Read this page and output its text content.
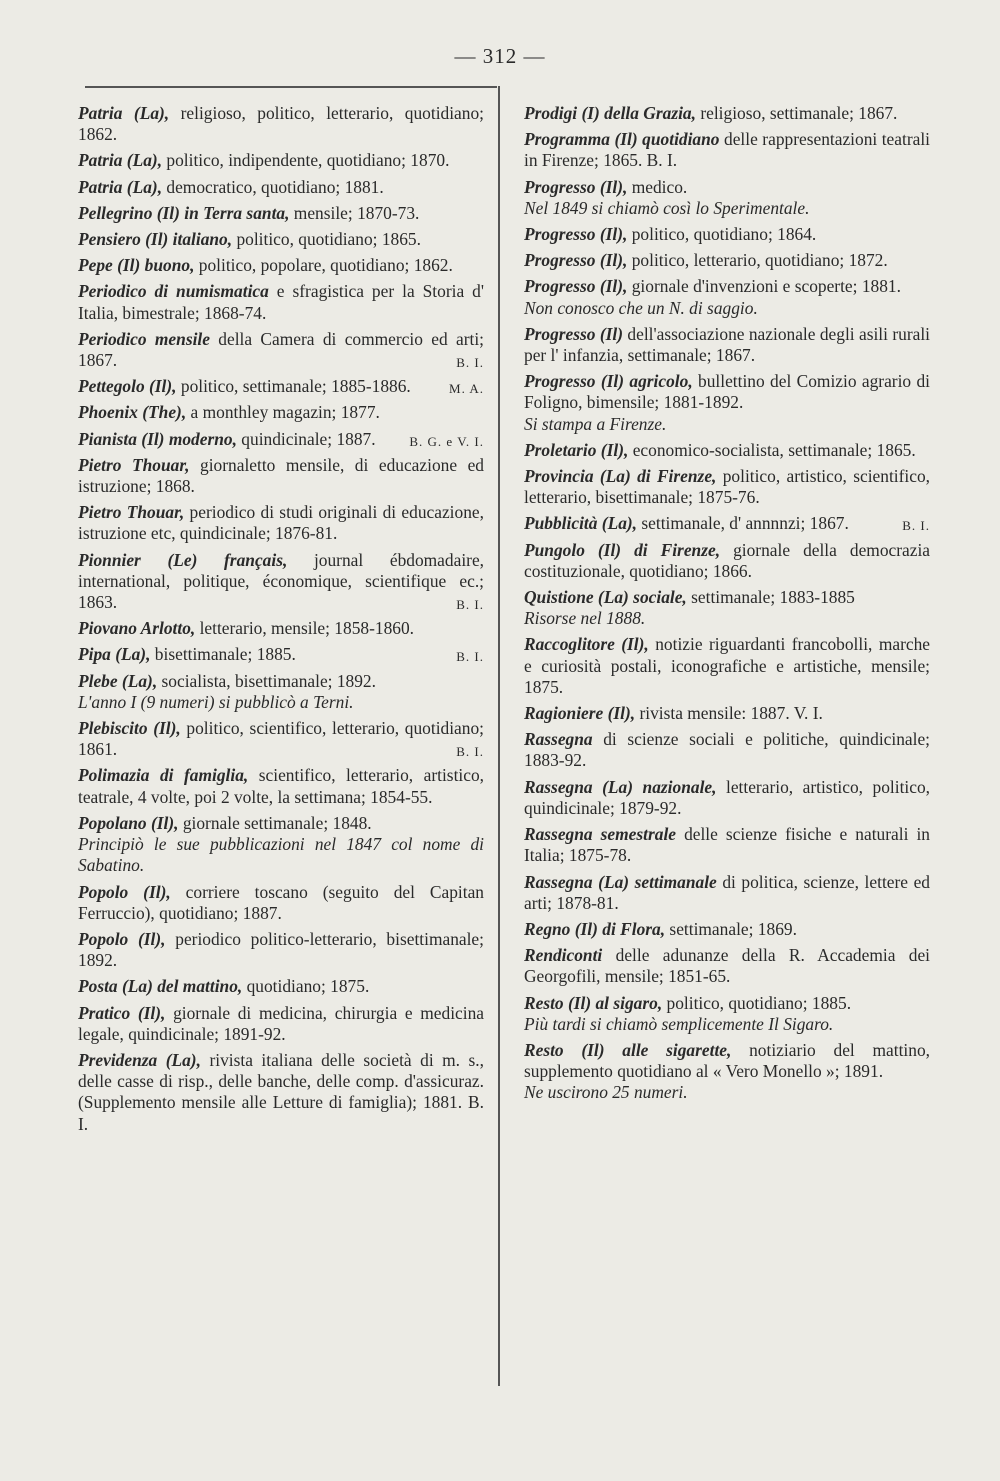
— 312 —
Patria (La), religioso, politico, letterario, quotidiano; 1862.
Patria (La), politico, indipendente, quotidiano; 1870.
Patria (La), democratico, quotidiano; 1881.
Pellegrino (Il) in Terra santa, mensile; 1870-73.
Pensiero (Il) italiano, politico, quotidiano; 1865.
Pepe (Il) buono, politico, popolare, quotidiano; 1862.
Periodico di numismatica e sfragistica per la Storia d' Italia, bimestrale; 1868-74.
Periodico mensile della Camera di commercio ed arti; 1867.	B. I.
Pettegolo (Il), politico, settimanale; 1885-1886.	M. A.
Phoenix (The), a monthley magazin; 1877.
Pianista (Il) moderno, quindicinale; 1887.	B. G. e V. I.
Pietro Thouar, giornaletto mensile, di educazione ed istruzione; 1868.
Pietro Thouar, periodico di studi originali di educazione, istruzione etc, quindicinale; 1876-81.
Pionnier (Le) français, journal ébdomadaire, international, politique, économique, scientifique ec.; 1863.	B. I.
Piovano Arlotto, letterario, mensile; 1858-1860.
Pipa (La), bisettimanale; 1885.	B. I.
Plebe (La), socialista, bisettimanale; 1892.
L'anno I (9 numeri) si pubblicò a Terni.
Plebiscito (Il), politico, scientifico, letterario, quotidiano; 1861.	B. I.
Polimazia di famiglia, scientifico, letterario, artistico, teatrale, 4 volte, poi 2 volte, la settimana; 1854-55.
Popolano (Il), giornale settimanale; 1848.
Principiò le sue pubblicazioni nel 1847 col nome di Sabatino.
Popolo (Il), corriere toscano (seguito del Capitan Ferruccio), quotidiano; 1887.
Popolo (Il), periodico politico-letterario, bisettimanale; 1892.
Posta (La) del mattino, quotidiano; 1875.
Pratico (Il), giornale di medicina, chirurgia e medicina legale, quindicinale; 1891-92.
Previdenza (La), rivista italiana delle società di m. s., delle casse di risp., delle banche, delle comp. d'assicuraz. (Supplemento mensile alle Letture di famiglia); 1881. B. I.
Prodigi (I) della Grazia, religioso, settimanale; 1867.
Programma (Il) quotidiano delle rappresentazioni teatrali in Firenze; 1865. B. I.
Progresso (Il), medico.
Nel 1849 si chiamò così lo Sperimentale.
Progresso (Il), politico, quotidiano; 1864.
Progresso (Il), politico, letterario, quotidiano; 1872.
Progresso (Il), giornale d'invenzioni e scoperte; 1881.
Non conosco che un N. di saggio.
Progresso (Il) dell'associazione nazionale degli asili rurali per l' infanzia, settimanale; 1867.
Progresso (Il) agricolo, bullettino del Comizio agrario di Foligno, bimensile; 1881-1892.
Si stampa a Firenze.
Proletario (Il), economico-socialista, settimanale; 1865.
Provincia (La) di Firenze, politico, artistico, scientifico, letterario, bisettimanale; 1875-76.
Pubblicità (La), settimanale, d' annnnzi; 1867.	B. I.
Pungolo (Il) di Firenze, giornale della democrazia costituzionale, quotidiano; 1866.
Quistione (La) sociale, settimanale; 1883-1885
Risorse nel 1888.
Raccoglitore (Il), notizie riguardanti francobolli, marche e curiosità postali, iconografiche e artistiche, mensile; 1875.
Ragioniere (Il), rivista mensile: 1887. V. I.
Rassegna di scienze sociali e politiche, quindicinale; 1883-92.
Rassegna (La) nazionale, letterario, artistico, politico, quindicinale; 1879-92.
Rassegna semestrale delle scienze fisiche e naturali in Italia; 1875-78.
Rassegna (La) settimanale di politica, scienze, lettere ed arti; 1878-81.
Regno (Il) di Flora, settimanale; 1869.
Rendiconti delle adunanze della R. Accademia dei Georgofili, mensile; 1851-65.
Resto (Il) al sigaro, politico, quotidiano; 1885.
Più tardi si chiamò semplicemente Il Sigaro.
Resto (Il) alle sigarette, notiziario del mattino, supplemento quotidiano al « Vero Monello »; 1891.
Ne uscirono 25 numeri.
